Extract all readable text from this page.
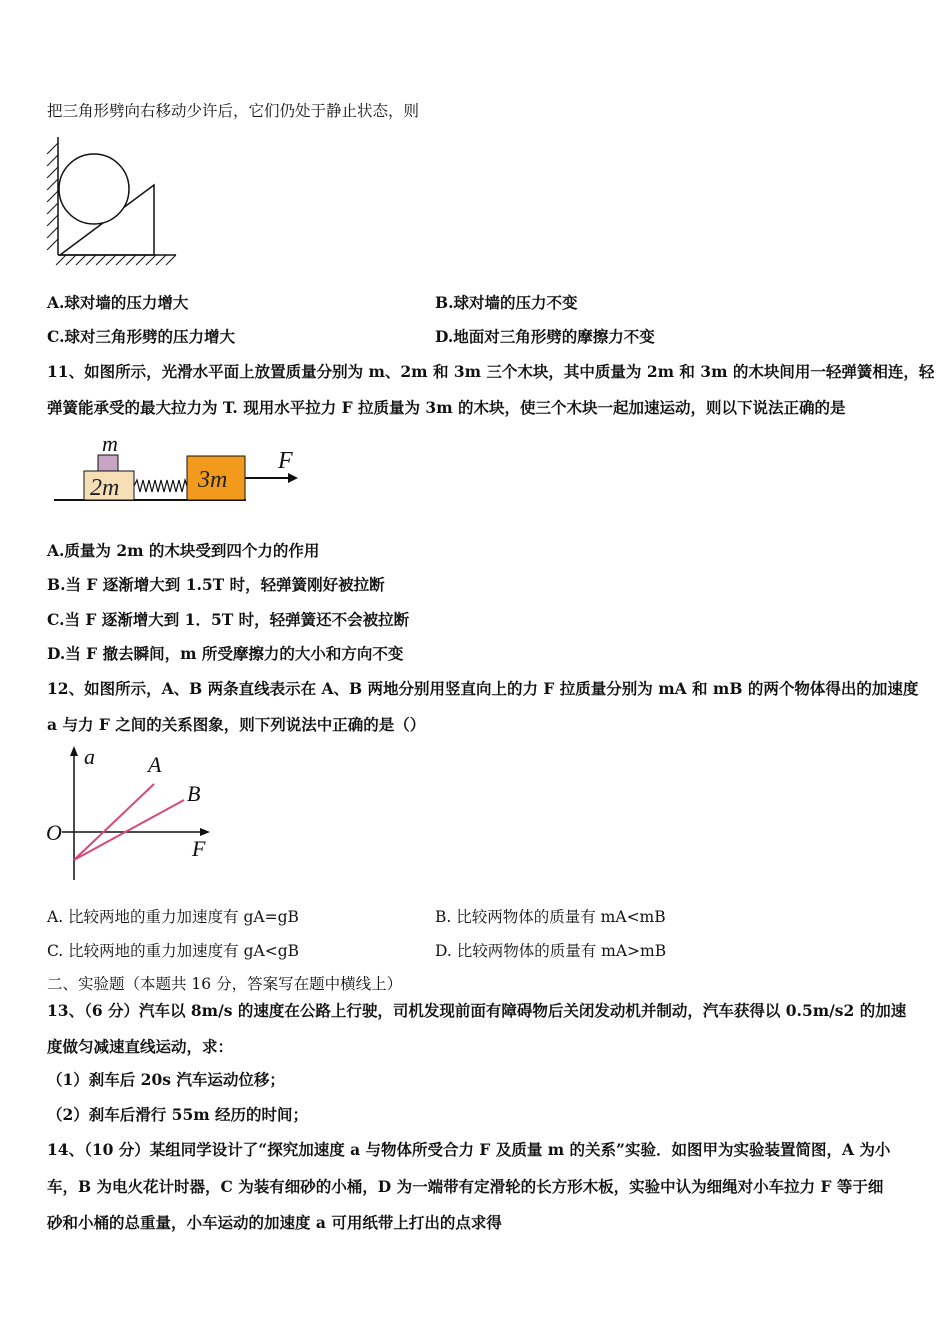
把三角形劈向右移动少许后，它们仍处于静止状态，则
A.球对墙的压力增大	B.球对墙的压力不变
C.球对三角形劈的压力增大	D.地面对三角形劈的摩擦力不变
11、如图所示，光滑水平面上放置质量分别为 m、2m 和 3m 三个木块，其中质量为 2m 和 3m 的木块间用一轻弹簧相连，轻
弹簧能承受的最大拉力为 T. 现用水平拉力 F 拉质量为 3m 的木块，使三个木块一起加速运动，则以下说法正确的是
m
2m	3m
F
A.质量为 2m 的木块受到四个力的作用
B.当 F 逐渐增大到 1.5T 时，轻弹簧刚好被拉断
C.当 F 逐渐增大到 1．5T 时，轻弹簧还不会被拉断
D.当 F 撤去瞬间，m 所受摩擦力的大小和方向不变
12、如图所示，A、B 两条直线表示在 A、B 两地分别用竖直向上的力 F 拉质量分别为 mA 和 mB 的两个物体得出的加速度
a 与力 F 之间的关系图象，则下列说法中正确的是（）
a A
B
O
F
A. 比较两地的重力加速度有 gA=gB	B. 比较两物体的质量有 mA<mB
C. 比较两地的重力加速度有 gA<gB	D. 比较两物体的质量有 mA>mB
二、实验题（本题共 16 分，答案写在题中横线上）
13、（6 分）汽车以 8m/s 的速度在公路上行驶，司机发现前面有障碍物后关闭发动机并制动，汽车获得以 0.5m/s2 的加速
度做匀减速直线运动，求：
（1）刹车后 20s 汽车运动位移；
（2）刹车后滑行 55m 经历的时间；
14、（10 分）某组同学设计了“探究加速度 a 与物体所受合力 F 及质量 m 的关系”实验．如图甲为实验装置简图，A 为小
车，B 为电火花计时器，C 为装有细砂的小桶，D 为一端带有定滑轮的长方形木板，实验中认为细绳对小车拉力 F 等于细
砂和小桶的总重量，小车运动的加速度 a 可用纸带上打出的点求得
